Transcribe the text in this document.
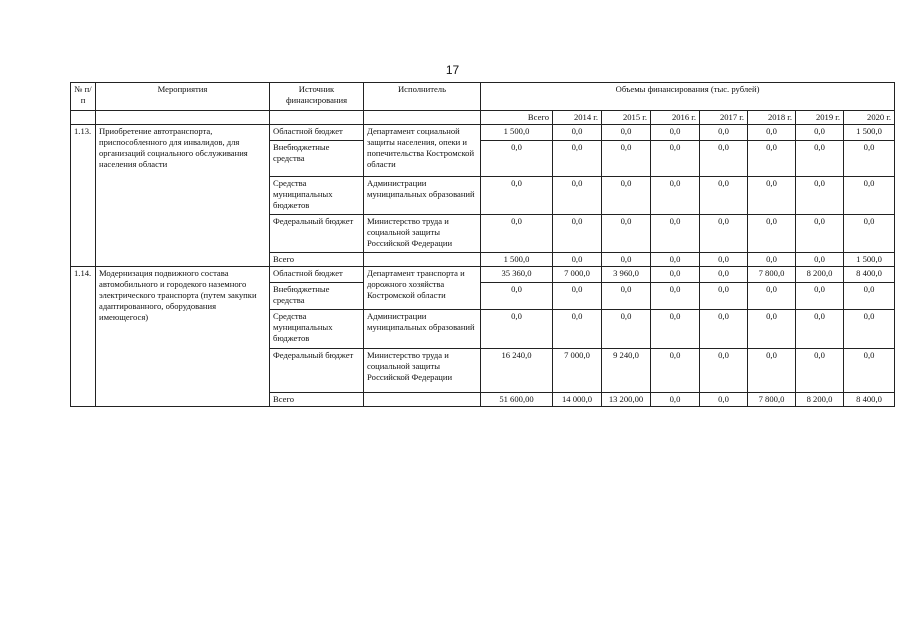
17
№ п/п	Мероприятия	Источник финансирования	Исполнитель	Объемы финансирования (тыс. рублей)							
				Всего	2014 г.	2015 г.	2016 г.	2017 г.	2018 г.	2019 г.	2020 г.
1.13.	Приобретение автотранспорта, приспособленного для инвалидов, для организаций социального обслуживания населения области	Областной бюджет	Департамент социальной защиты населения, опеки и попечительства Костромской области	1 500,0	0,0	0,0	0,0	0,0	0,0	0,0	1 500,0
		Внебюджетные средства		0,0	0,0	0,0	0,0	0,0	0,0	0,0	0,0
		Средства муниципальных бюджетов	Администрации муниципальных образований	0,0	0,0	0,0	0,0	0,0	0,0	0,0	0,0
		Федеральный бюджет	Министерство труда и социальной защиты Российской Федерации	0,0	0,0	0,0	0,0	0,0	0,0	0,0	0,0
		Всего		1 500,0	0,0	0,0	0,0	0,0	0,0	0,0	1 500,0
1.14.	Модернизация подвижного состава автомобильного и городекого наземного электрического транспорта (путем закупки адаптированного, оборудования имеющегося)	Областной бюджет	Департамент транспорта и дорожного хозяйства Костромской области	35 360,0	7 000,0	3 960,0	0,0	0,0	7 800,0	8 200,0	8 400,0
		Внебюджетные средства		0,0	0,0	0,0	0,0	0,0	0,0	0,0	0,0
		Средства муниципальных бюджетов	Администрации муниципальных образований	0,0	0,0	0,0	0,0	0,0	0,0	0,0	0,0
		Федеральный бюджет	Министерство труда и социальной защиты Российской Федерации	16 240,0	7 000,0	9 240,0	0,0	0,0	0,0	0,0	0,0
		Всего		51 600,00	14 000,0	13 200,00	0,0	0,0	7 800,0	8 200,0	8 400,0
